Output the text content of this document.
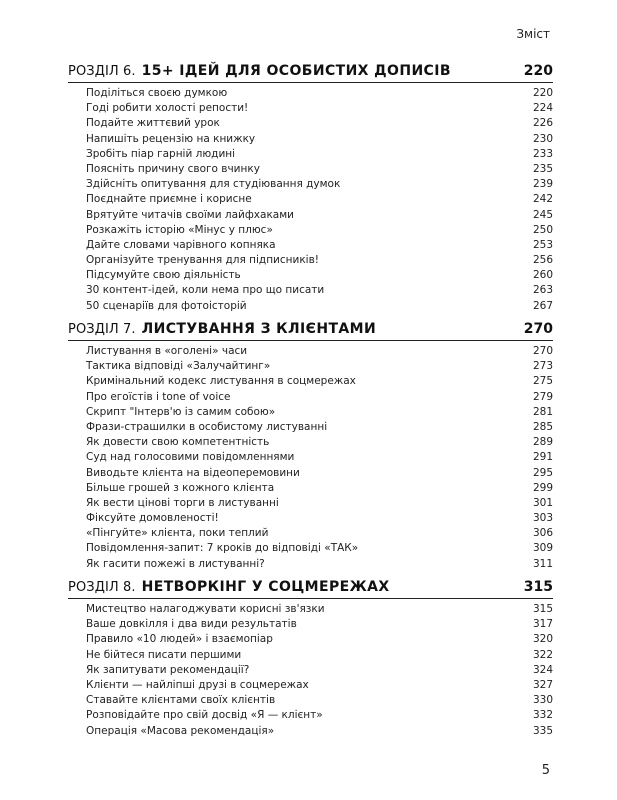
Зміст
РОЗДІЛ 6. 15+ ІДЕЙ ДЛЯ ОСОБИСТИХ ДОПИСІВ	220
Поділіться своєю думкою	220
Годі робити холості репости!	224
Подайте життєвий урок	226
Напишіть рецензію на книжку	230
Зробіть піар гарній людині	233
Поясніть причину свого вчинку	235
Здійсніть опитування для студіювання думок	239
Поєднайте приємне і корисне	242
Врятуйте читачів своїми лайфхаками	245
Розкажіть історію «Мінус у плюс»	250
Дайте словами чарівного копняка	253
Організуйте тренування для підписників!	256
Підсумуйте свою діяльність	260
30 контент-ідей, коли нема про що писати	263
50 сценаріїв для фотоісторій	267
РОЗДІЛ 7. ЛИСТУВАННЯ З КЛІЄНТАМИ	270
Листування в «оголені» часи	270
Тактика відповіді «Залучайтинг»	273
Кримінальний кодекс листування в соцмережах	275
Про егоїстів і tone of voice	279
Скрипт "Інтерв'ю із самим собою»	281
Фрази-страшилки в особистому листуванні	285
Як довести свою компетентність	289
Суд над голосовими повідомленнями	291
Виводьте клієнта на відеоперемовини	295
Більше грошей з кожного клієнта	299
Як вести цінові торги в листуванні	301
Фіксуйте домовленості!	303
«Пінгуйте» клієнта, поки теплий	306
Повідомлення-запит: 7 кроків до відповіді «ТАК»	309
Як гасити пожежі в листуванні?	311
РОЗДІЛ 8. НЕТВОРКІНГ У СОЦМЕРЕЖАХ	315
Мистецтво налагоджувати корисні зв'язки	315
Ваше довкілля і два види результатів	317
Правило «10 людей» і взаємопіар	320
Не бійтеся писати першими	322
Як запитувати рекомендації?	324
Клієнти — найліпші друзі в соцмережах	327
Ставайте клієнтами своїх клієнтів	330
Розповідайте про свій досвід «Я — клієнт»	332
Операція «Масова рекомендація»	335
5
